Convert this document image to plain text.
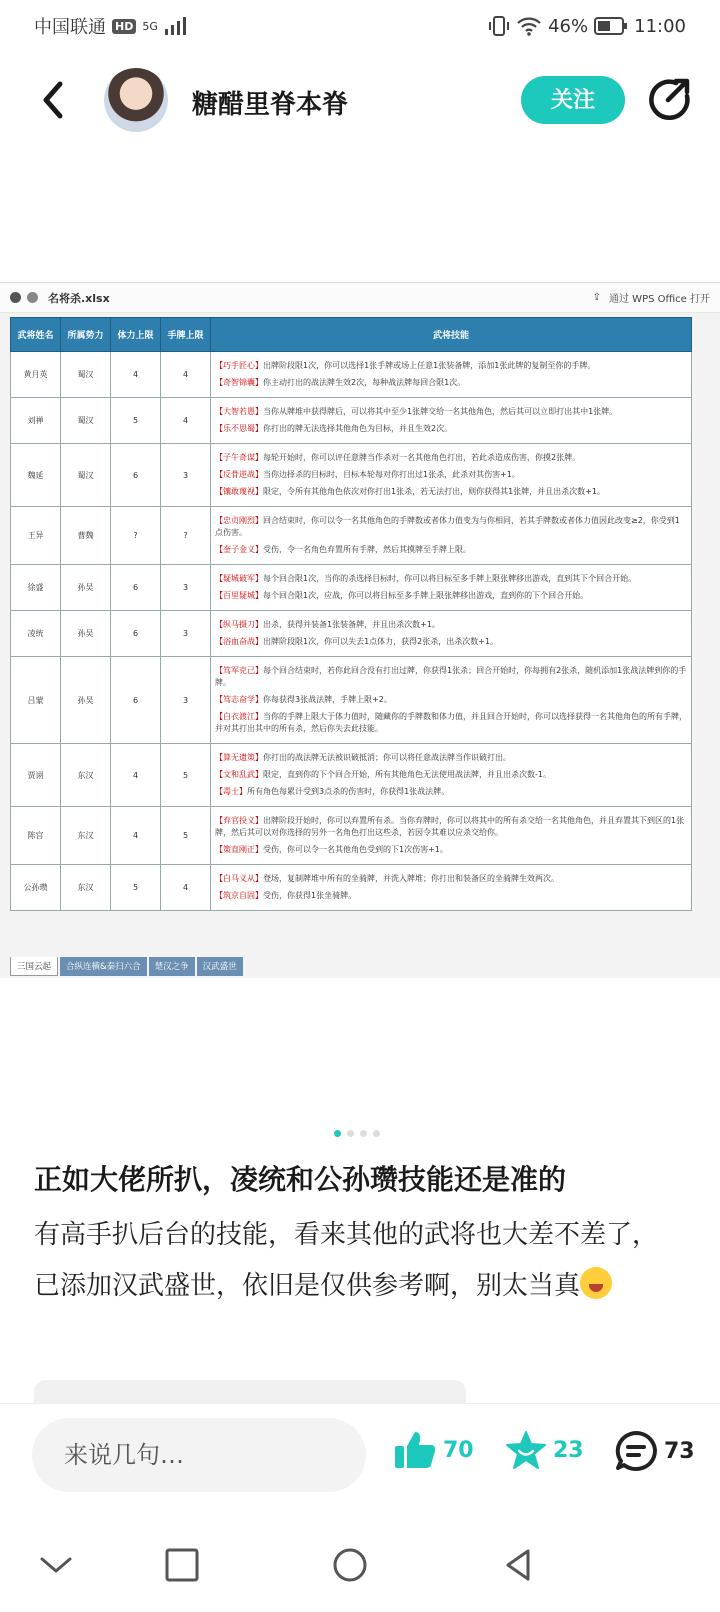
中国联通 HD 5G	46%	11:00
糖醋里脊本脊	关注
名将杀.xlsx	⇪ 通过 WPS Office 打开
武将姓名	所属势力	体力上限	手牌上限	武将技能
黄月英	蜀汉	4	4	【巧手匠心】出牌阶段限1次，你可以选择1张手牌或场上任意1张装备牌，添加1张此牌的复制至你的手牌。
【奇智锦囊】你主动打出的战法牌生效2次，每种战法牌每回合限1次。

刘禅	蜀汉	5	4	【大智若愚】当你从牌堆中获得牌后，可以将其中至少1张牌交给一名其他角色，然后其可以立即打出其中1张牌。
【乐不思蜀】你打出的牌无法选择其他角色为目标，并且生效2次。

魏延	蜀汉	6	3	【子午奇谋】每轮开始时，你可以评任意牌当作杀对一名其他角色打出，若此杀造成伤害，你摸2张牌。
【反骨逆战】当你边择杀的目标时，目标本轮每对你打出过1张杀，此杀对其伤害+1。
【镶敢蔑视】限定，令所有其他角色依次对你打出1张杀，若无法打出，则你获得其1张牌，并且出杀次数+1。

王异	曹魏	?	?	【忠贞刚烈】回合结束时，你可以令一名其他角色的手牌数或者体力值变为与你相同，若其手牌数或者体力值因此改变≥2，你受到1点伤害。
【奎子金义】受伤，令一名角色弃置所有手牌，然后其摸牌至手牌上限。

徐盛	孙吴	6	3	【疑城破军】每个回合限1次，当你的杀选择目标时，你可以将目标至多手牌上限张牌移出游戏，直到其下个回合开始。
【百里疑城】每个回合限1次，应战，你可以将目标至多手牌上限张牌移出游戏，直到你的下个回合开始。

凌统	孙吴	6	3	【纵马摄刀】出杀，获得并装备1张装备牌，并且出杀次数+1。
【浴血奋战】出牌阶段限1次，你可以失去1点体力，获得2张杀，出杀次数+1。

吕蒙	孙吴	6	3	【笃军克己】每个回合结束时，若你此回合没有打出过牌，你获得1张杀；回合开始时，你每拥有2张杀，随机添加1张战法牌到你的手牌。
【笃志奋学】你每获得3张战法牌，手牌上限+2。
【白衣渡江】当你的手牌上限大于体力值时，随藏你的手牌数和体力值，并且回合开始时，你可以选择获得一名其他角色的所有手牌，并对其打出其中的所有杀，然后你失去此技能。

贾诩	东汉	4	5	【算无遗策】你打出的战法牌无法被识破抵消；你可以将任意战法牌当作识破打出。
【文和乱武】限定，直到你的下个回合开始，所有其他角色无法使用战法牌，并且出杀次数-1。
【毒士】所有角色每累计受到3点杀的伤害时，你获得1张战法牌。

陈宫	东汉	4	5	【弃官投义】出牌阶段开始时，你可以弃置所有杀。当你弃牌时，你可以将其中的所有杀交给一名其他角色，并且弃置其下到区的1张牌，然后其可以对你选择的另外一名角色打出这些杀，若因令其难以应杀交给你。
【策直刚正】受伤，你可以令一名其他角色受到的下1次伤害+1。

公孙瓒	东汉	5	4	【白马义从】登场，复制牌堆中所有的坐骑牌，并洗入牌堆；你打出和装备区的坐骑牌生效两次。
【筑京自固】受伤，你获得1张坐骑牌。
三国云起	合纵连横&秦扫六合	楚汉之争	汉武盛世
正如大佬所扒，凌统和公孙瓒技能还是准的
有高手扒后台的技能，看来其他的武将也大差不差了，已添加汉武盛世，依旧是仅供参考啊，别太当真
来说几句…	70	23	73
